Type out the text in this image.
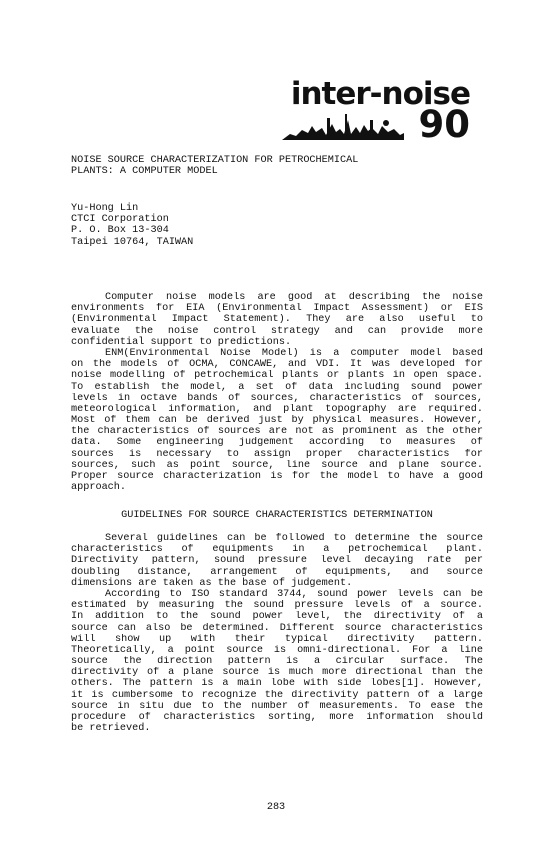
inter-noise
90
NOISE SOURCE CHARACTERIZATION FOR PETROCHEMICAL
PLANTS: A COMPUTER MODEL
Yu-Hong Lin
CTCI Corporation
P. O. Box 13-304
Taipei 10764, TAIWAN
Computer noise models are good at describing the noise
environments for EIA (Environmental Impact Assessment) or EIS
(Environmental Impact Statement). They are also useful to
evaluate the noise control strategy and can provide more
confidential support to predictions.
ENM(Environmental Noise Model) is a computer model based
on the models of OCMA, CONCAWE, and VDI. It was developed for
noise modelling of petrochemical plants or plants in open space.
To establish the model, a set of data including sound power
levels in octave bands of sources, characteristics of sources,
meteorological information, and plant topography are required.
Most of them can be derived just by physical measures. However,
the characteristics of sources are not as prominent as the other
data. Some engineering judgement according to measures of
sources is necessary to assign proper characteristics for
sources, such as point source, line source and plane source.
Proper source characterization is for the model to have a good
approach.
GUIDELINES FOR SOURCE CHARACTERISTICS DETERMINATION
Several guidelines can be followed to determine the source
characteristics of equipments in a petrochemical plant.
Directivity pattern, sound pressure level decaying rate per
doubling distance, arrangement of equipments, and source
dimensions are taken as the base of judgement.
According to ISO standard 3744, sound power levels can be
estimated by measuring the sound pressure levels of a source.
In addition to the sound power level, the directivity of a
source can also be determined. Different source characteristics
will show up with their typical directivity pattern.
Theoretically, a point source is omni-directional. For a line
source the direction pattern is a circular surface. The
directivity of a plane source is much more directional than the
others. The pattern is a main lobe with side lobes[1]. However,
it is cumbersome to recognize the directivity pattern of a large
source in situ due to the number of measurements. To ease the
procedure of characteristics sorting, more information should
be retrieved.
283
